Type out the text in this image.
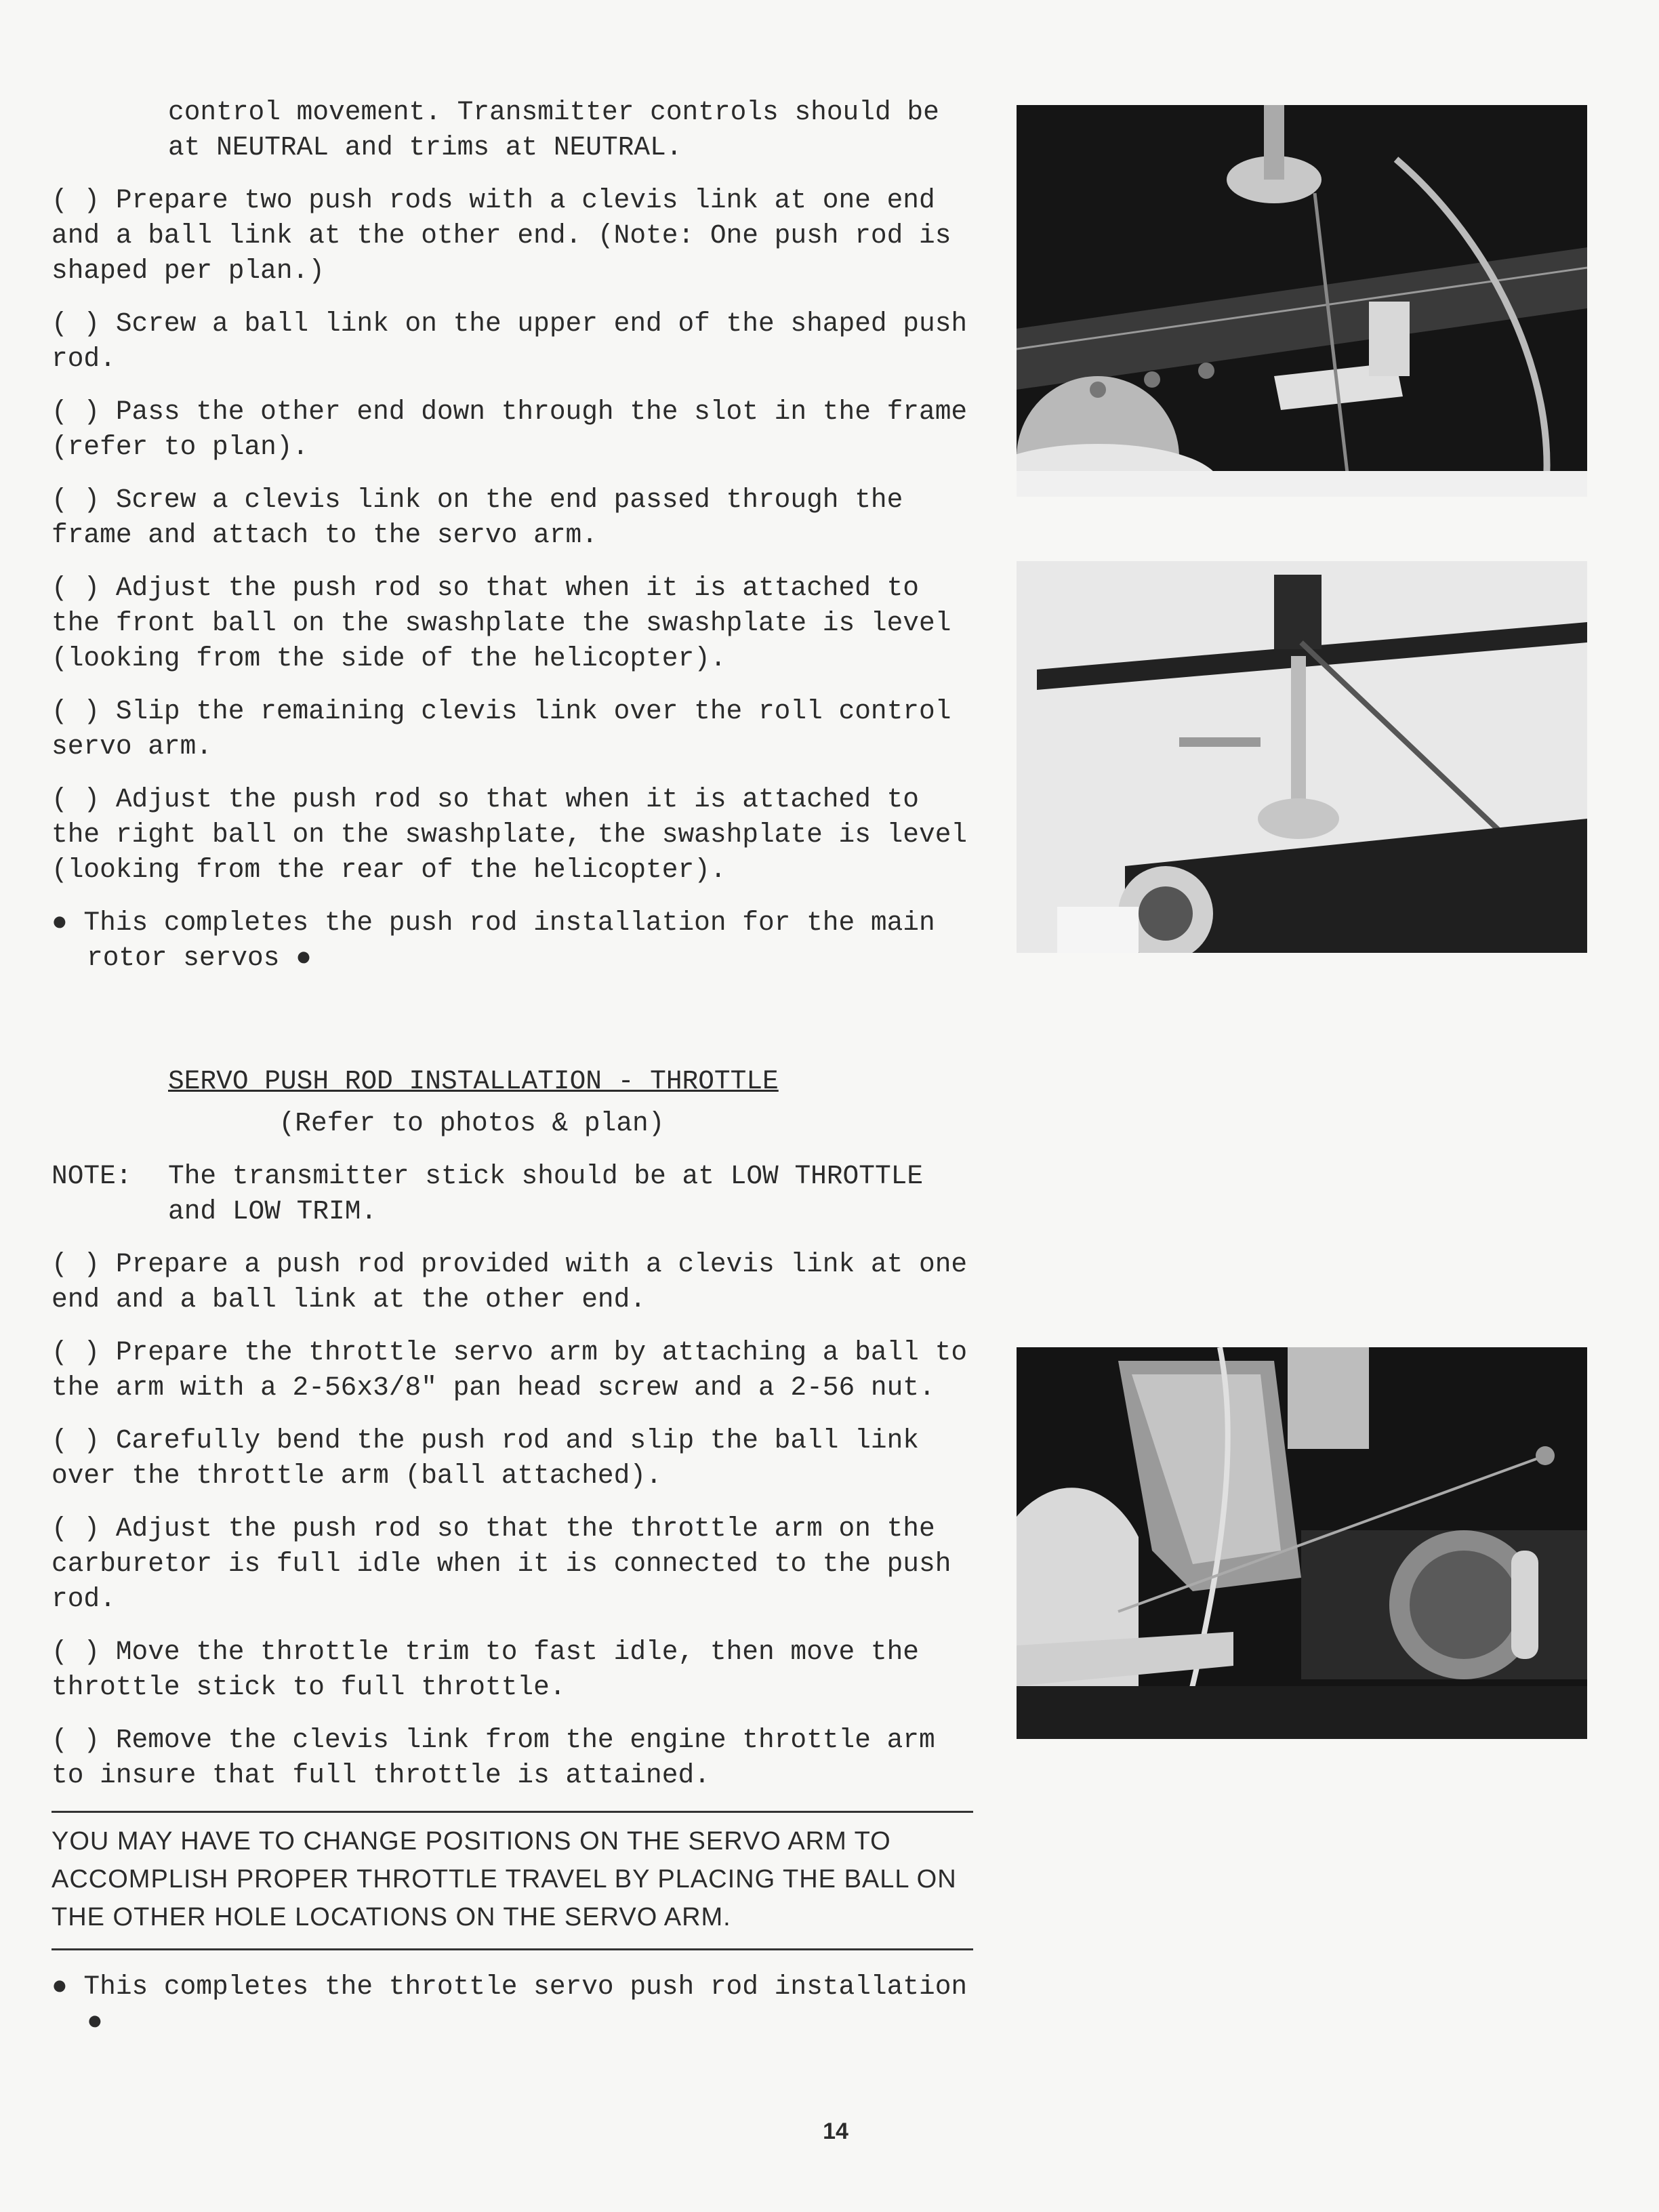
control movement. Transmitter controls should be at NEUTRAL and trims at NEUTRAL.

( ) Prepare two push rods with a clevis link at one end and a ball link at the other end. (Note: One push rod is shaped per plan.)

( ) Screw a ball link on the upper end of the shaped push rod.

( ) Pass the other end down through the slot in the frame (refer to plan).

( ) Screw a clevis link on the end passed through the frame and attach to the servo arm.

( ) Adjust the push rod so that when it is attached to the front ball on the swashplate the swashplate is level (looking from the side of the helicopter).

( ) Slip the remaining clevis link over the roll control servo arm.

( ) Adjust the push rod so that when it is attached to the right ball on the swashplate, the swashplate is level (looking from the rear of the helicopter).

● This completes the push rod installation for the main rotor servos ●

SERVO PUSH ROD INSTALLATION - THROTTLE

(Refer to photos & plan)

NOTE:	The transmitter stick should be at LOW THROTTLE and LOW TRIM.

( ) Prepare a push rod provided with a clevis link at one end and a ball link at the other end.

( ) Prepare the throttle servo arm by attaching a ball to the arm with a 2-56x3/8" pan head screw and a 2-56 nut.

( ) Carefully bend the push rod and slip the ball link over the throttle arm (ball attached).

( ) Adjust the push rod so that the throttle arm on the carburetor is full idle when it is connected to the push rod.

( ) Move the throttle trim to fast idle, then move the throttle stick to full throttle.

( ) Remove the clevis link from the engine throttle arm to insure that full throttle is attained.

YOU MAY HAVE TO CHANGE POSITIONS ON THE SERVO ARM TO ACCOMPLISH PROPER THROTTLE TRAVEL BY PLACING THE BALL ON THE OTHER HOLE LOCATIONS ON THE SERVO ARM.

● This completes the throttle servo push rod installation ●

14
